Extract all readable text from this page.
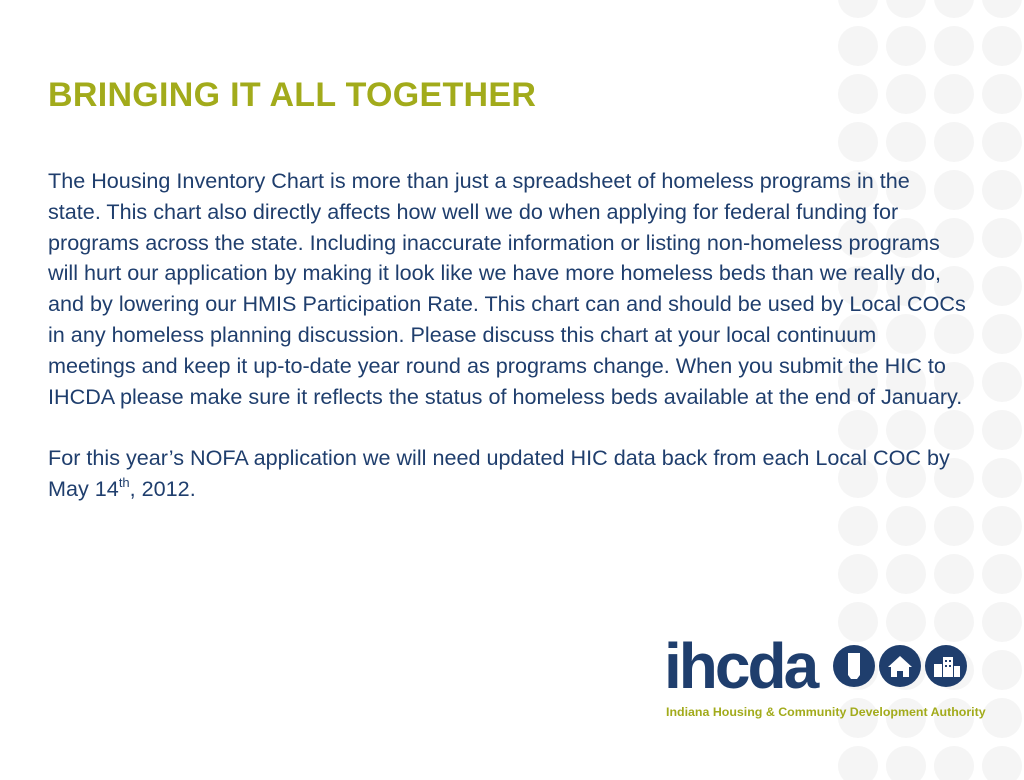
BRINGING IT ALL TOGETHER

The Housing Inventory Chart is more than just a spreadsheet of homeless programs in the state. This chart also directly affects how well we do when applying for federal funding for programs across the state. Including inaccurate information or listing non-homeless programs will hurt our application by making it look like we have more homeless beds than we really do, and by lowering our HMIS Participation Rate. This chart can and should be used by Local COCs in any homeless planning discussion. Please discuss this chart at your local continuum meetings and keep it up-to-date year round as programs change. When you submit the HIC to IHCDA please make sure it reflects the status of homeless beds available at the end of January.

For this year’s NOFA application we will need updated HIC data back from each Local COC by May 14th, 2012.

ihcda
Indiana Housing & Community Development Authority
